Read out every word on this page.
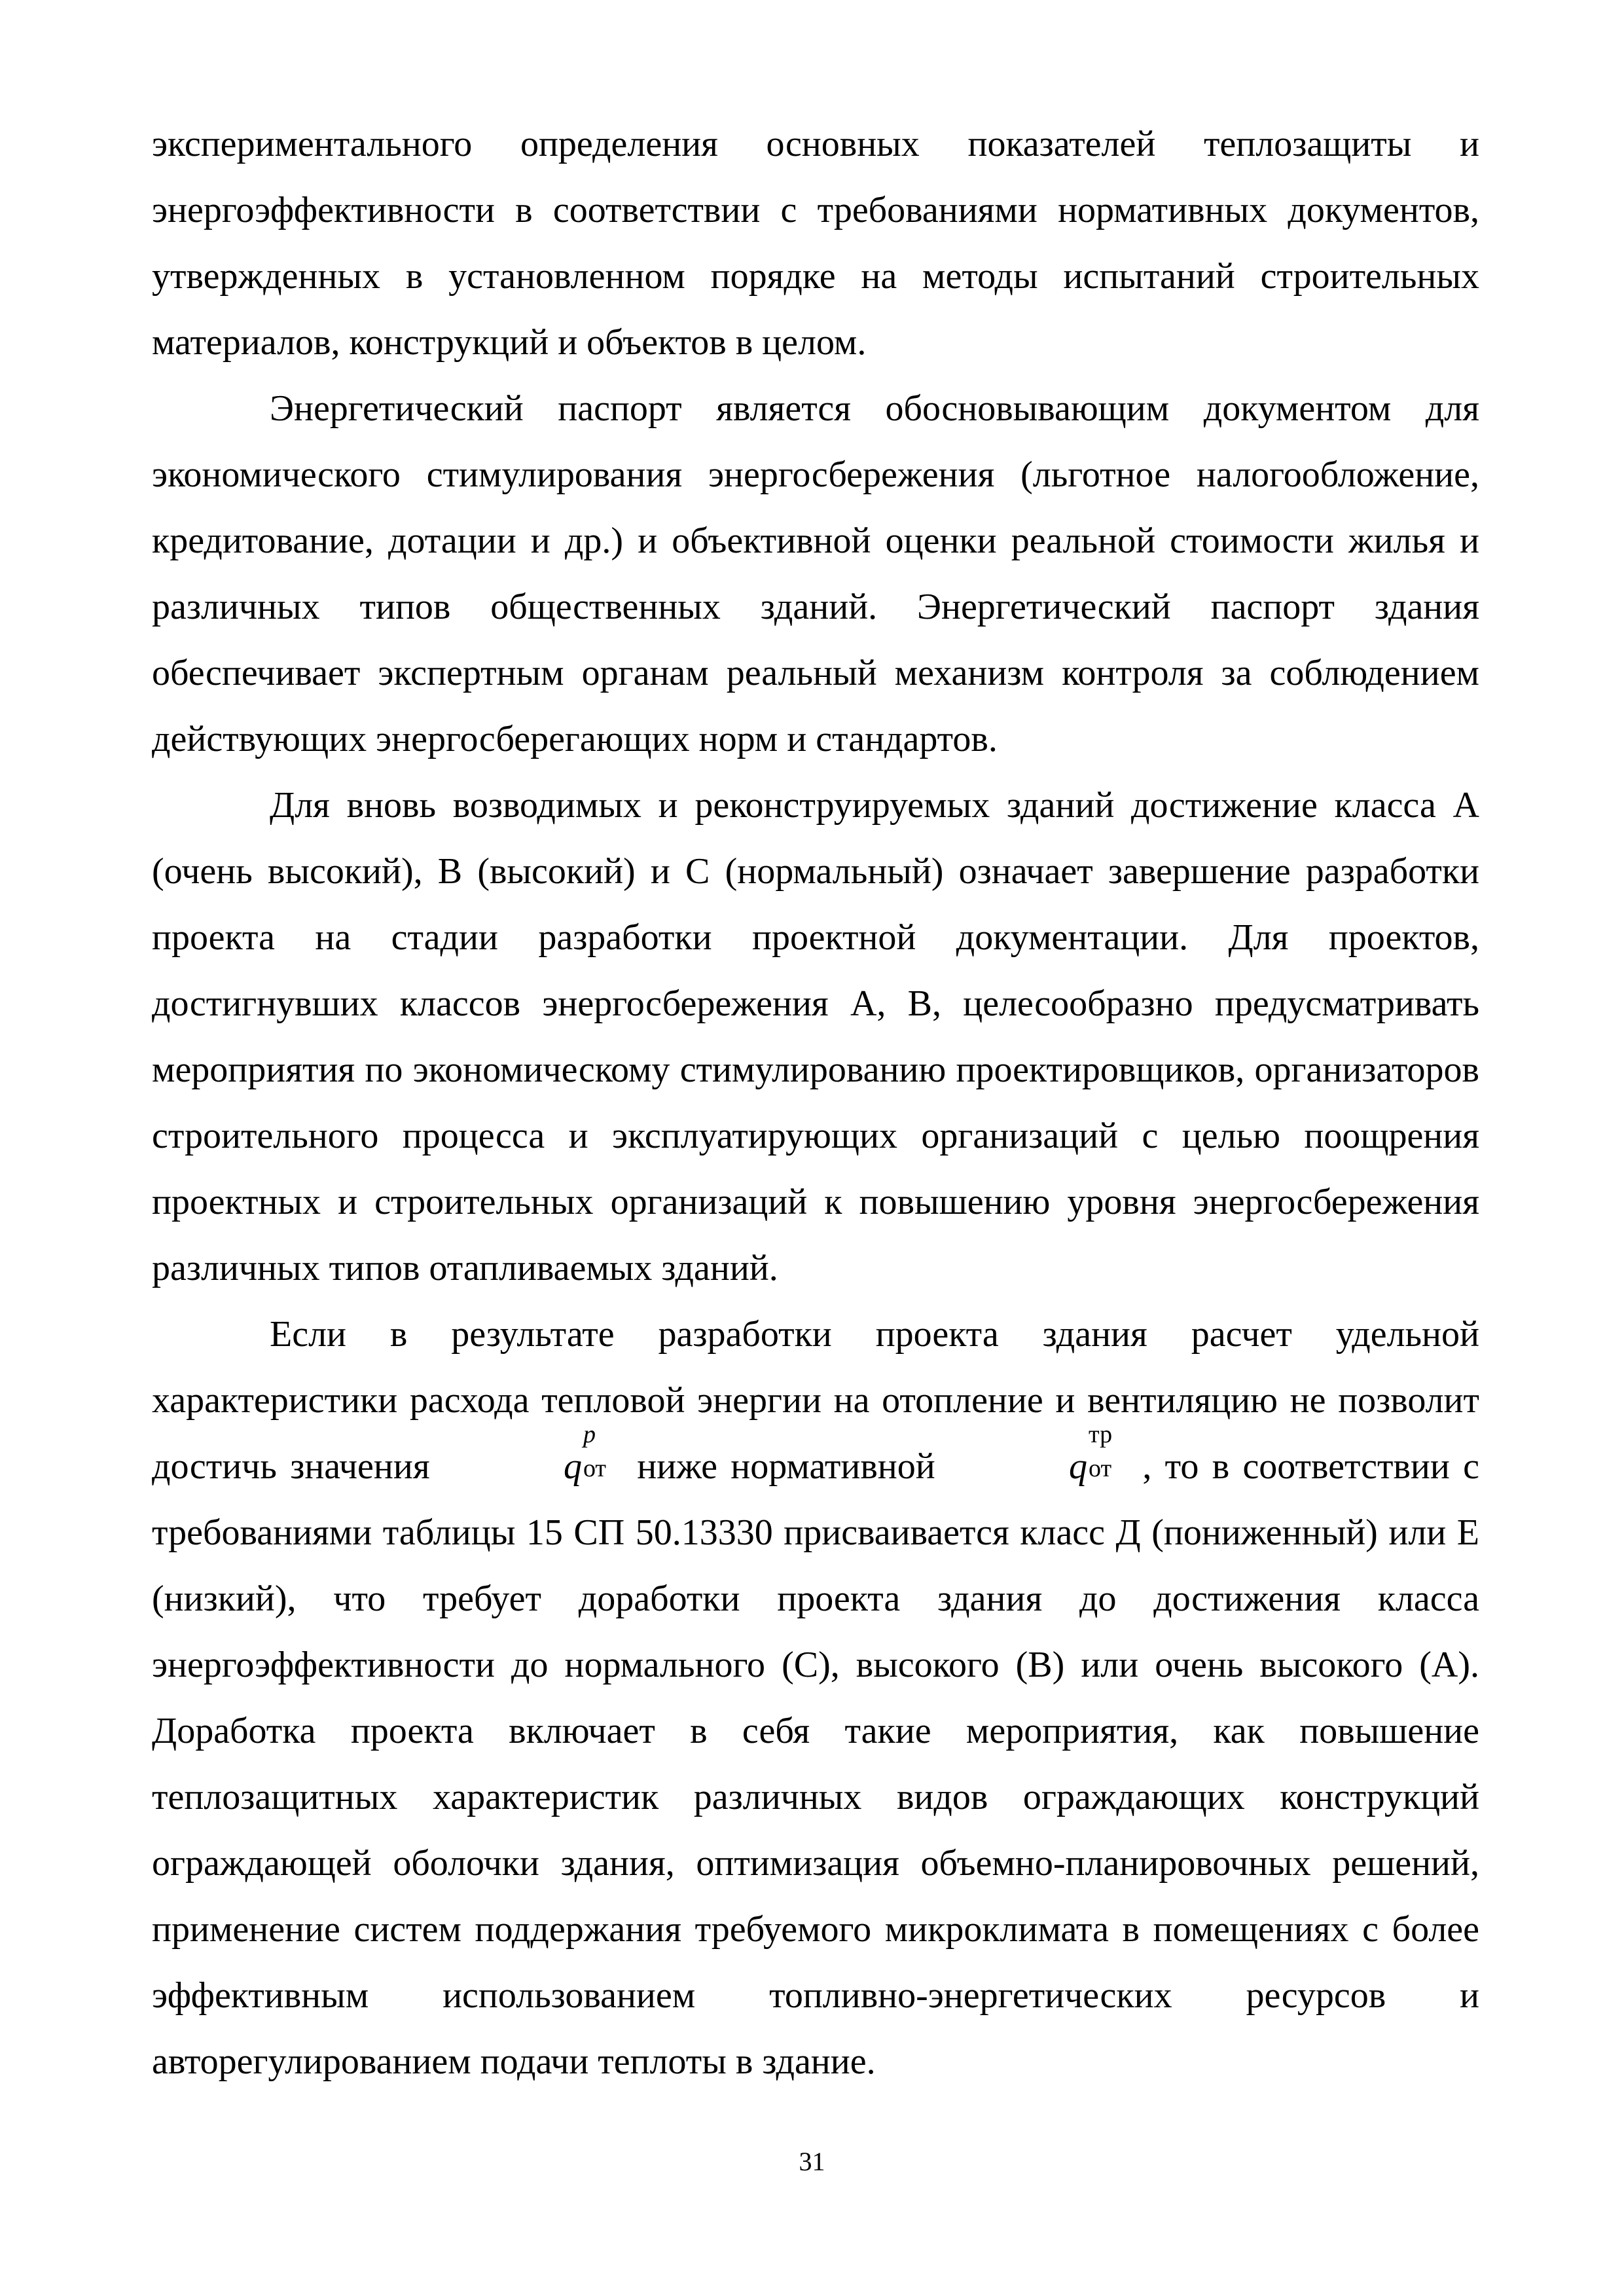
экспериментального определения основных показателей теплозащиты и энергоэффективности в соответствии с требованиями нормативных документов, утвержденных в установленном порядке на методы испытаний строительных материалов, конструкций и объектов в целом.

Энергетический паспорт является обосновывающим документом для экономического стимулирования энергосбережения (льготное налогообложение, кредитование, дотации и др.) и объективной оценки реальной стоимости жилья и различных типов общественных зданий. Энергетический паспорт здания обеспечивает экспертным органам реальный механизм контроля за соблюдением действующих энергосберегающих норм и стандартов.

Для вновь возводимых и реконструируемых зданий достижение класса А (очень высокий), В (высокий) и С (нормальный) означает завершение разработки проекта на стадии разработки проектной документации. Для проектов, достигнувших классов энергосбережения А, В, целесообразно предусматривать мероприятия по экономическому стимулированию проектировщиков, организаторов строительного процесса и эксплуатирующих организаций с целью поощрения проектных и строительных организаций к повышению уровня энергосбережения различных типов отапливаемых зданий.

Если в результате разработки проекта здания расчет удельной характеристики расхода тепловой энергии на отопление и вентиляцию не позволит достичь значения	q
p
от ниже нормативной	q
тр
от , то в соответствии с требованиями таблицы 15 СП 50.13330 присваивается класс Д (пониженный) или Е (низкий), что требует доработки проекта здания до достижения класса энергоэффективности до нормального (С), высокого (В) или очень высокого (А). Доработка проекта включает в себя такие мероприятия, как повышение теплозащитных характеристик различных видов ограждающих конструкций ограждающей оболочки здания, оптимизация объемно-планировочных решений, применение систем поддержания требуемого микроклимата в помещениях с более эффективным использованием топливно-энергетических ресурсов и авторегулированием подачи теплоты в здание.

31
